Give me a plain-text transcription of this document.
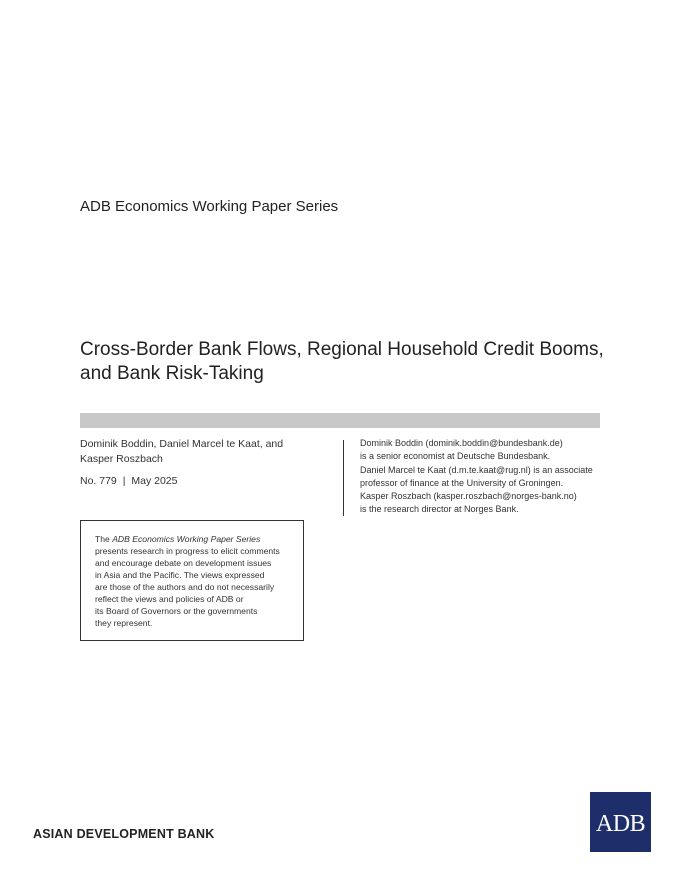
ADB Economics Working Paper Series
Cross-Border Bank Flows, Regional Household Credit Booms,
and Bank Risk-Taking
Dominik Boddin, Daniel Marcel te Kaat, and
Kasper Roszbach
No. 779 | May 2025
Dominik Boddin (dominik.boddin@bundesbank.de)
is a senior economist at Deutsche Bundesbank.
Daniel Marcel te Kaat (d.m.te.kaat@rug.nl) is an associate
professor of finance at the University of Groningen.
Kasper Roszbach (kasper.roszbach@norges-bank.no)
is the research director at Norges Bank.
The ADB Economics Working Paper Series
presents research in progress to elicit comments
and encourage debate on development issues
in Asia and the Pacific. The views expressed
are those of the authors and do not necessarily
reflect the views and policies of ADB or
its Board of Governors or the governments
they represent.
ASIAN DEVELOPMENT BANK	ADB
